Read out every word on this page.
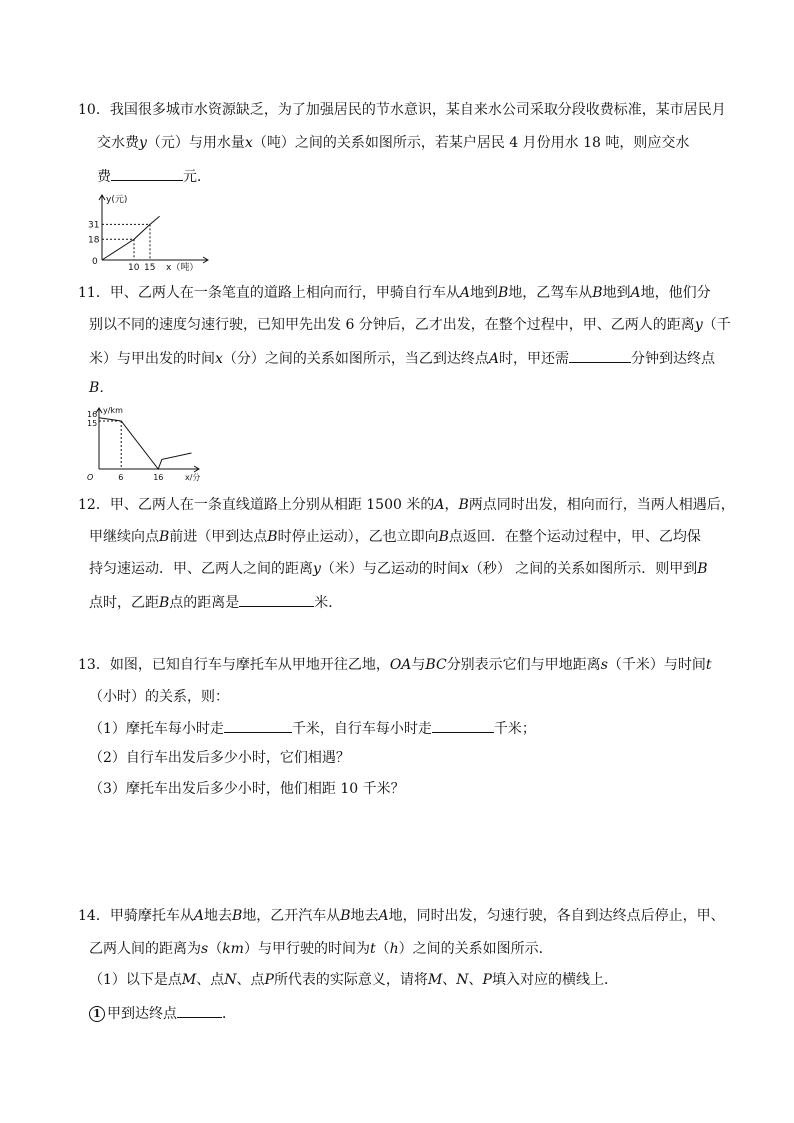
10．我国很多城市水资源缺乏，为了加强居民的节水意识，某自来水公司采取分段收费标准，某市居民月
交水费y（元）与用水量x（吨）之间的关系如图所示，若某户居民 4 月份用水 18 吨，则应交水
费	元．
y(元)
x（吨）
0
10 15
18
31
11．甲、乙两人在一条笔直的道路上相向而行，甲骑自行车从A地到B地，乙驾车从B地到A地，他们分
别以不同的速度匀速行驶，已知甲先出发 6 分钟后，乙才出发，在整个过程中，甲、乙两人的距离y（千
米）与甲出发的时间x（分）之间的关系如图所示，当乙到达终点A时，甲还需	分钟到达终点
B．
y/km
x/分
O	6	16
15
16
12．甲、乙两人在一条直线道路上分别从相距 1500 米的A，B两点同时出发，相向而行，当两人相遇后，
甲继续向点B前进（甲到达点B时停止运动），乙也立即向B点返回．在整个运动过程中，甲、乙均保
持匀速运动．甲、乙两人之间的距离y（米）与乙运动的时间x（秒） 之间的关系如图所示．则甲到B
点时，乙距B点的距离是	米．
13．如图，已知自行车与摩托车从甲地开往乙地，OA与BC分别表示它们与甲地距离s（千米）与时间t
（小时）的关系，则：
（1）摩托车每小时走	千米，自行车每小时走	千米；
（2）自行车出发后多少小时，它们相遇？
（3）摩托车出发后多少小时，他们相距 10 千米？
14．甲骑摩托车从A地去B地，乙开汽车从B地去A地，同时出发，匀速行驶，各自到达终点后停止，甲、
乙两人间的距离为s（km）与甲行驶的时间为t（h）之间的关系如图所示．
（1）以下是点M、点N、点P所代表的实际意义，请将M、N、P填入对应的横线上．
1 甲到达终点	．
